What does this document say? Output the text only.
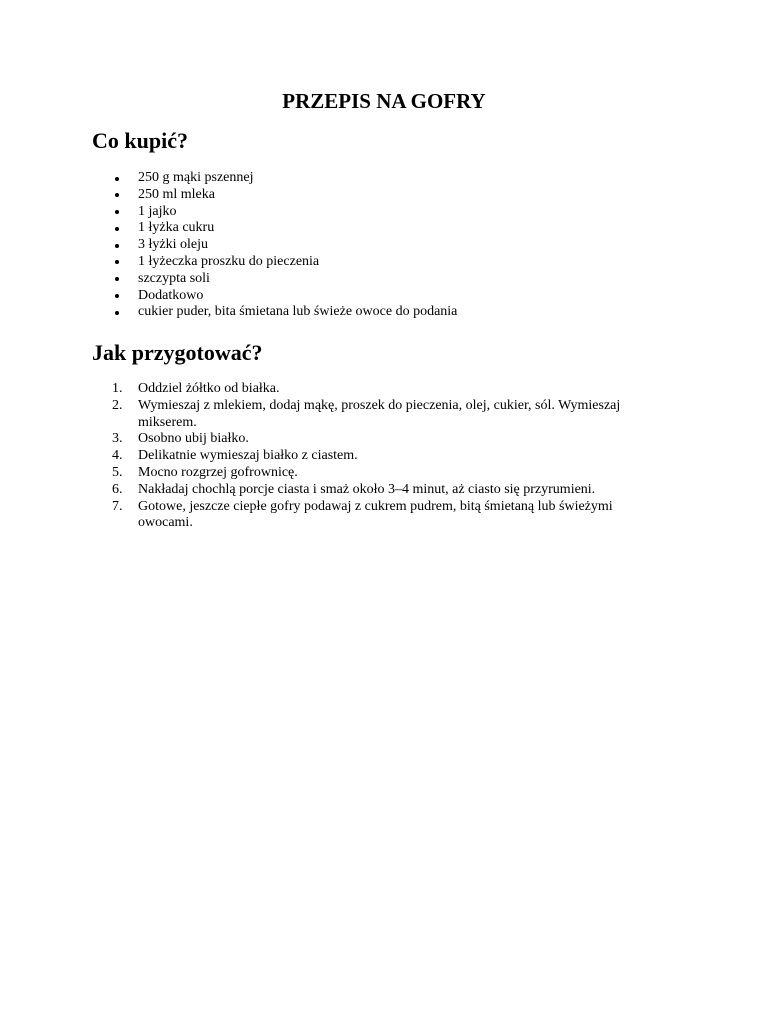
PRZEPIS NA GOFRY
Co kupić?
250 g mąki pszennej
250 ml mleka
1 jajko
1 łyżka cukru
3 łyżki oleju
1 łyżeczka proszku do pieczenia
szczypta soli
Dodatkowo
cukier puder, bita śmietana lub świeże owoce do podania
Jak przygotować?
1. Oddziel żółtko od białka.
2. Wymieszaj z mlekiem, dodaj mąkę, proszek do pieczenia, olej, cukier, sól. Wymieszaj
mikserem.
3. Osobno ubij białko.
4. Delikatnie wymieszaj białko z ciastem.
5. Mocno rozgrzej gofrownicę.
6. Nakładaj chochlą porcje ciasta i smaż około 3–4 minut, aż ciasto się przyrumieni.
7. Gotowe, jeszcze ciepłe gofry podawaj z cukrem pudrem, bitą śmietaną lub świeżymi
owocami.
